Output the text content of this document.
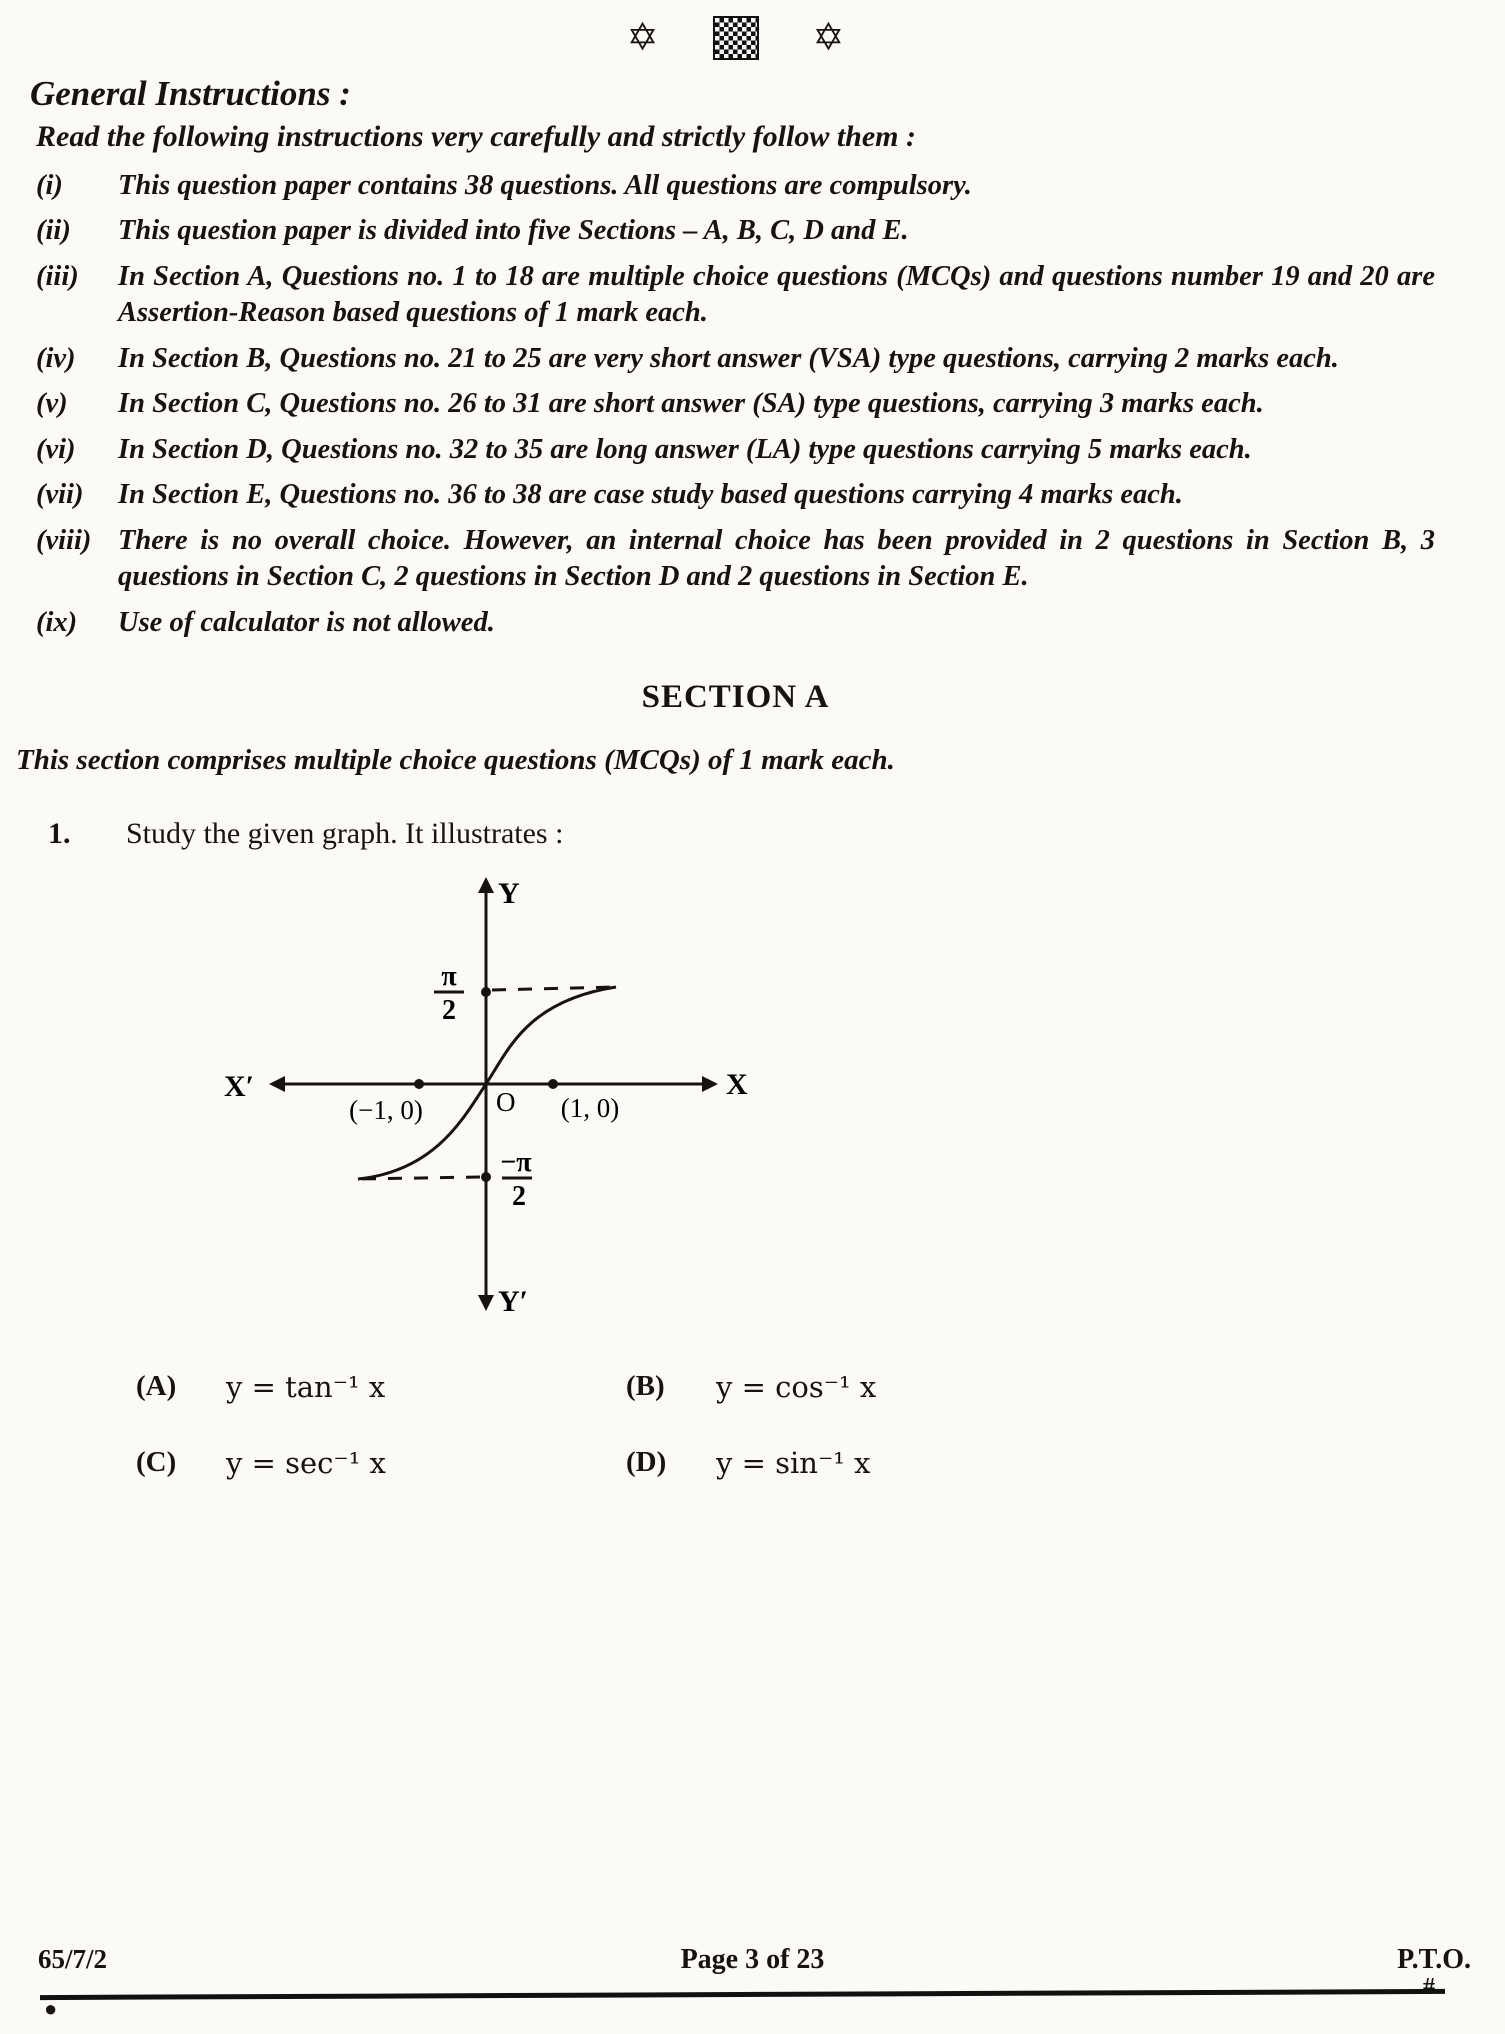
✡	✡
General Instructions :
Read the following instructions very carefully and strictly follow them :
(i)	This question paper contains 38 questions. All questions are compulsory.
(ii)	This question paper is divided into five Sections – A, B, C, D and E.
(iii)	In Section A, Questions no. 1 to 18 are multiple choice questions (MCQs) and questions number 19 and 20 are Assertion-Reason based questions of 1 mark each.
(iv)	In Section B, Questions no. 21 to 25 are very short answer (VSA) type questions, carrying 2 marks each.
(v)	In Section C, Questions no. 26 to 31 are short answer (SA) type questions, carrying 3 marks each.
(vi)	In Section D, Questions no. 32 to 35 are long answer (LA) type questions carrying 5 marks each.
(vii)	In Section E, Questions no. 36 to 38 are case study based questions carrying 4 marks each.
(viii) There is no overall choice. However, an internal choice has been provided in 2 questions in Section B, 3 questions in Section C, 2 questions in Section D and 2 questions in Section E.
(ix)	Use of calculator is not allowed.
SECTION A
This section comprises multiple choice questions (MCQs) of 1 mark each.
1.	Study the given graph. It illustrates :
Y
Y′
X
X′	O
π
2
−π
2
(−1, 0)	(1, 0)
(A)	y = tan⁻¹ x	(B)	y = cos⁻¹ x
(C)	y = sec⁻¹ x	(D)	y = sin⁻¹ x
65/7/2	Page 3 of 23	P.T.O.
#
●
